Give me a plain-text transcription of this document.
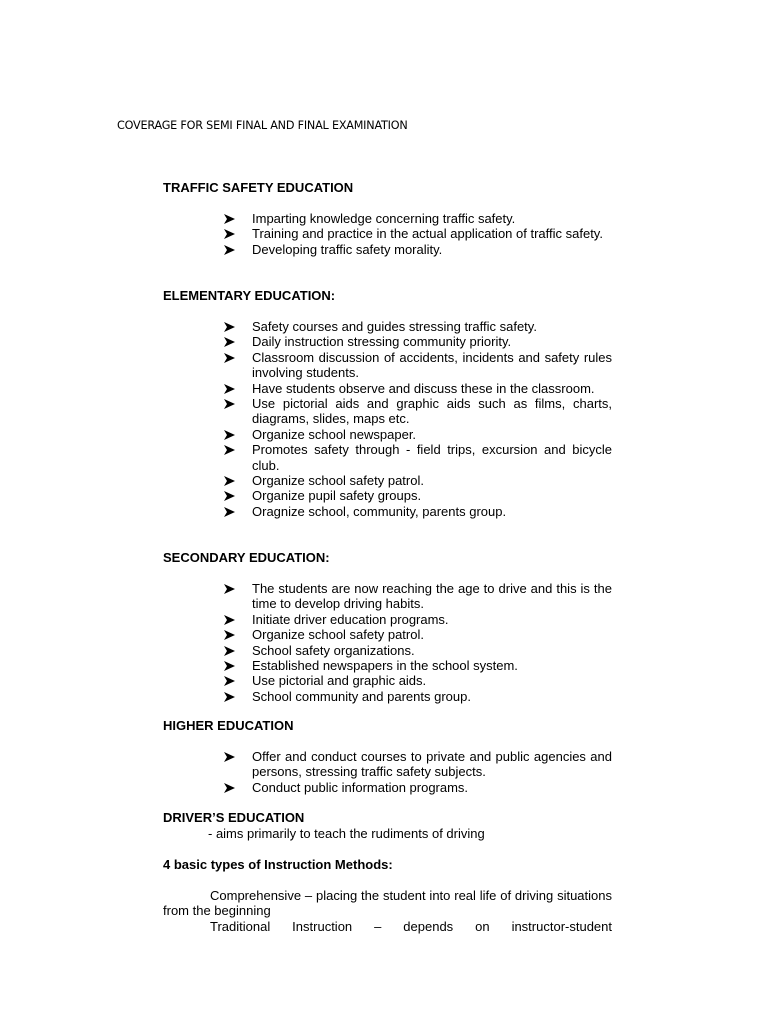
COVERAGE FOR SEMI FINAL AND FINAL EXAMINATION
TRAFFIC SAFETY EDUCATION
Imparting knowledge concerning traffic safety.
Training and practice in the actual application of traffic safety.
Developing traffic safety morality.
ELEMENTARY EDUCATION:
Safety courses and guides stressing traffic safety.
Daily instruction stressing community priority.
Classroom discussion of accidents, incidents and safety rules involving students.
Have students observe and discuss these in the classroom.
Use pictorial aids and graphic aids such as films, charts, diagrams, slides, maps etc.
Organize school newspaper.
Promotes safety through - field trips, excursion and bicycle club.
Organize school safety patrol.
Organize pupil safety groups.
Oragnize school, community, parents group.
SECONDARY EDUCATION:
The students are now reaching the age to drive and this is the time to develop driving habits.
Initiate driver education programs.
Organize school safety patrol.
School safety organizations.
Established newspapers in the school system.
Use pictorial and graphic aids.
School community and parents group.
HIGHER EDUCATION
Offer and conduct courses to private and public agencies and persons, stressing traffic safety subjects.
Conduct public information programs.
DRIVER’S EDUCATION
- aims primarily to teach the rudiments of driving
4 basic types of Instruction Methods:
Comprehensive – placing the student into real life of driving situations from the beginning
Traditional Instruction – depends on instructor-student
